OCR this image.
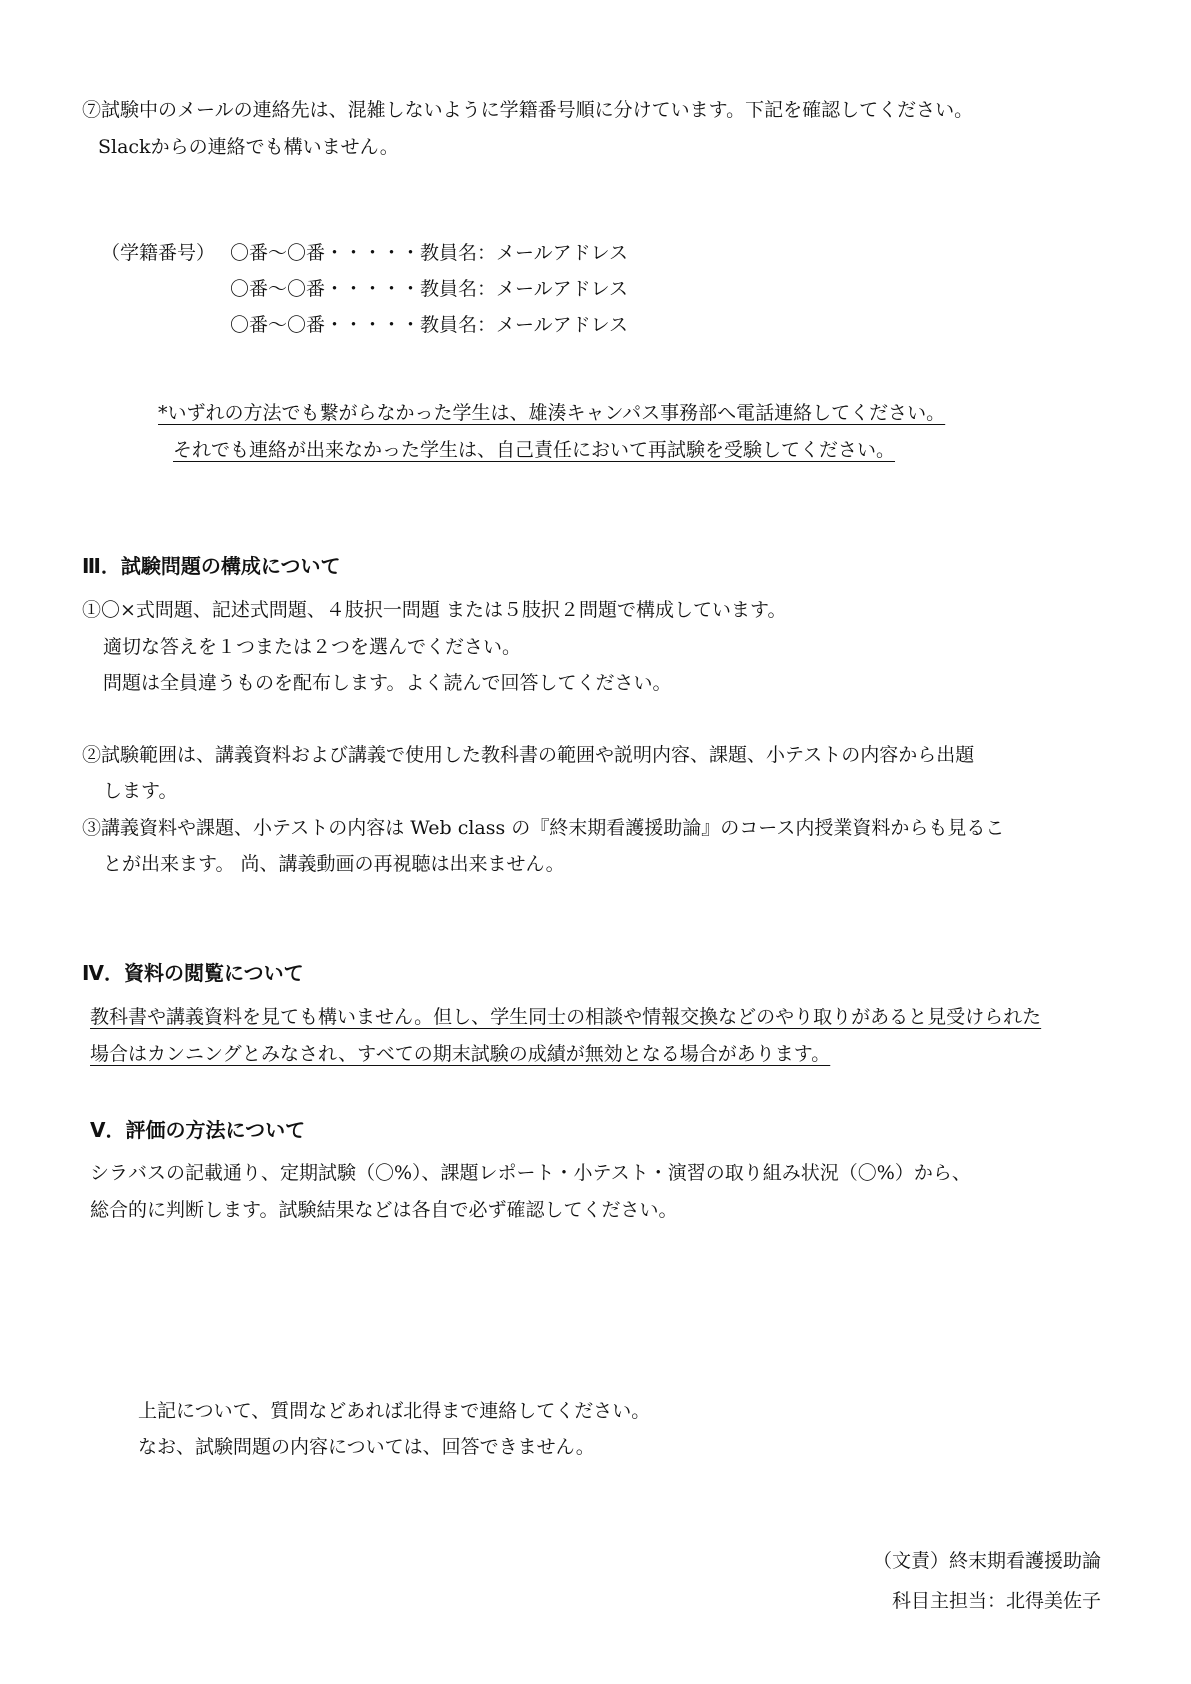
⑦試験中のメールの連絡先は、混雑しないように学籍番号順に分けています。下記を確認してください。
Slackからの連絡でも構いません。
（学籍番号） 〇番～〇番・・・・・教員名：メールアドレス
〇番～〇番・・・・・教員名：メールアドレス
〇番～〇番・・・・・教員名：メールアドレス
*いずれの方法でも繋がらなかった学生は、雄湊キャンパス事務部へ電話連絡してください。
それでも連絡が出来なかった学生は、自己責任において再試験を受験してください。
Ⅲ．試験問題の構成について
①〇×式問題、記述式問題、４肢択一問題 または５肢択２問題で構成しています。
適切な答えを１つまたは２つを選んでください。
問題は全員違うものを配布します。よく読んで回答してください。
②試験範囲は、講義資料および講義で使用した教科書の範囲や説明内容、課題、小テストの内容から出題
します。
③講義資料や課題、小テストの内容は Web class の『終末期看護援助論』のコース内授業資料からも見るこ
とが出来ます。 尚、講義動画の再視聴は出来ません。
Ⅳ．資料の閲覧について
教科書や講義資料を見ても構いません。但し、学生同士の相談や情報交換などのやり取りがあると見受けられた
場合はカンニングとみなされ、すべての期末試験の成績が無効となる場合があります。
Ⅴ．評価の方法について
シラバスの記載通り、定期試験（〇%）、課題レポート・小テスト・演習の取り組み状況（〇%）から、
総合的に判断します。試験結果などは各自で必ず確認してください。
上記について、質問などあれば北得まで連絡してください。
なお、試験問題の内容については、回答できません。
（文責）終末期看護援助論
科目主担当：北得美佐子
